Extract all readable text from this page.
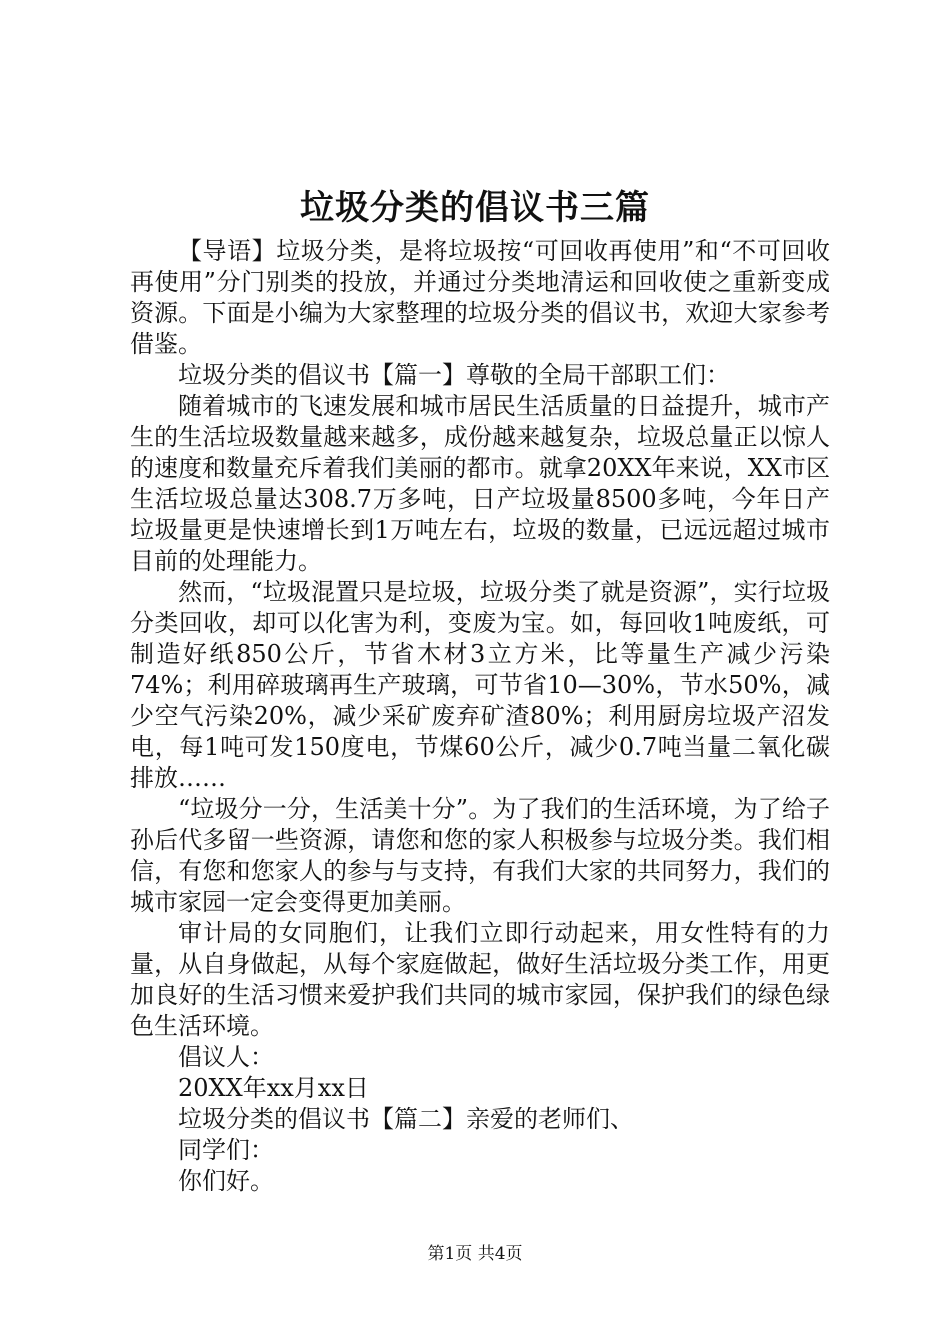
垃圾分类的倡议书三篇

【导语】垃圾分类，是将垃圾按“可回收再使用”和“不可回收再使用”分门别类的投放，并通过分类地清运和回收使之重新变成资源。下面是小编为大家整理的垃圾分类的倡议书，欢迎大家参考借鉴。

垃圾分类的倡议书【篇一】尊敬的全局干部职工们：

随着城市的飞速发展和城市居民生活质量的日益提升，城市产生的生活垃圾数量越来越多，成份越来越复杂，垃圾总量正以惊人的速度和数量充斥着我们美丽的都市。就拿20XX年来说，XX市区生活垃圾总量达308.7万多吨，日产垃圾量8500多吨，今年日产垃圾量更是快速增长到1万吨左右，垃圾的数量，已远远超过城市目前的处理能力。

然而，“垃圾混置只是垃圾，垃圾分类了就是资源”，实行垃圾分类回收，却可以化害为利，变废为宝。如，每回收1吨废纸，可制造好纸850公斤，节省木材3立方米，比等量生产减少污染74%；利用碎玻璃再生产玻璃，可节省10—30%，节水50%，减少空气污染20%，减少采矿废弃矿渣80%；利用厨房垃圾产沼发电，每1吨可发150度电，节煤60公斤，减少0.7吨当量二氧化碳排放……

“垃圾分一分，生活美十分”。为了我们的生活环境，为了给子孙后代多留一些资源，请您和您的家人积极参与垃圾分类。我们相信，有您和您家人的参与与支持，有我们大家的共同努力，我们的城市家园一定会变得更加美丽。

审计局的女同胞们，让我们立即行动起来，用女性特有的力量，从自身做起，从每个家庭做起，做好生活垃圾分类工作，用更加良好的生活习惯来爱护我们共同的城市家园，保护我们的绿色绿色生活环境。

倡议人：

20XX年xx月xx日

垃圾分类的倡议书【篇二】亲爱的老师们、

同学们：

你们好。

第1页 共4页
